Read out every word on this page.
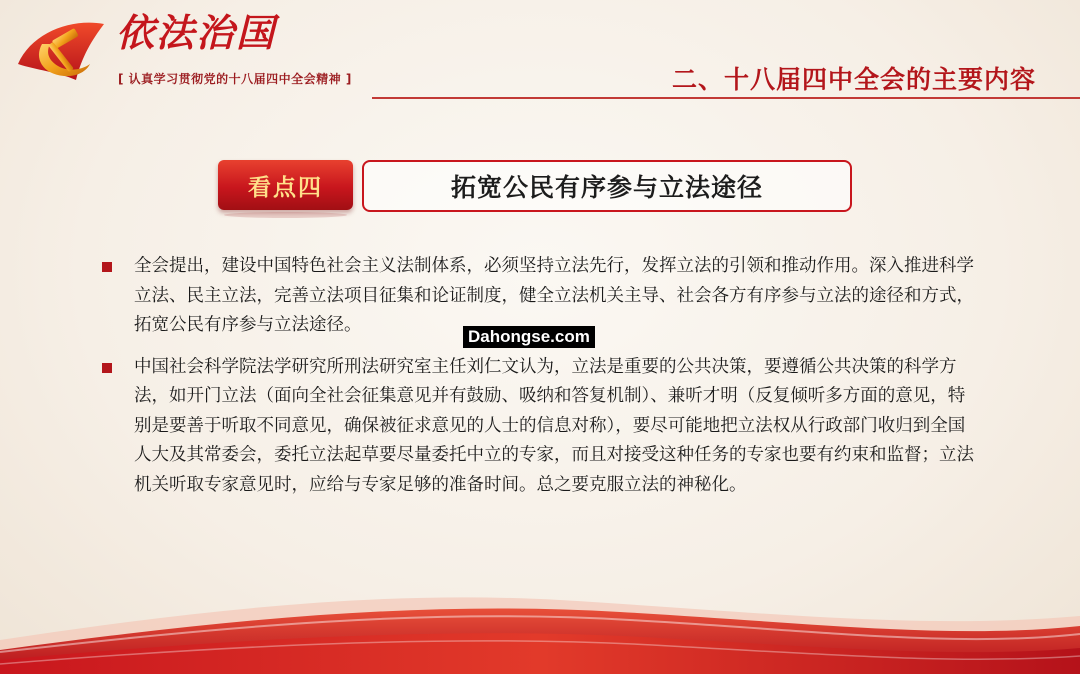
依法治国
[ 认真学习贯彻党的十八届四中全会精神 ]	二、十八届四中全会的主要内容
看点四	拓宽公民有序参与立法途径
全会提出，建设中国特色社会主义法制体系，必须坚持立法先行，发挥立法的引领和推动作用。深入推进科学立法、民主立法，完善立法项目征集和论证制度，健全立法机关主导、社会各方有序参与立法的途径和方式，拓宽公民有序参与立法途径。
中国社会科学院法学研究所刑法研究室主任刘仁文认为，立法是重要的公共决策，要遵循公共决策的科学方法，如开门立法（面向全社会征集意见并有鼓励、吸纳和答复机制）、兼听才明（反复倾听多方面的意见，特别是要善于听取不同意见，确保被征求意见的人士的信息对称），要尽可能地把立法权从行政部门收归到全国人大及其常委会，委托立法起草要尽量委托中立的专家，而且对接受这种任务的专家也要有约束和监督；立法机关听取专家意见时，应给与专家足够的准备时间。总之要克服立法的神秘化。
Dahongse.com
